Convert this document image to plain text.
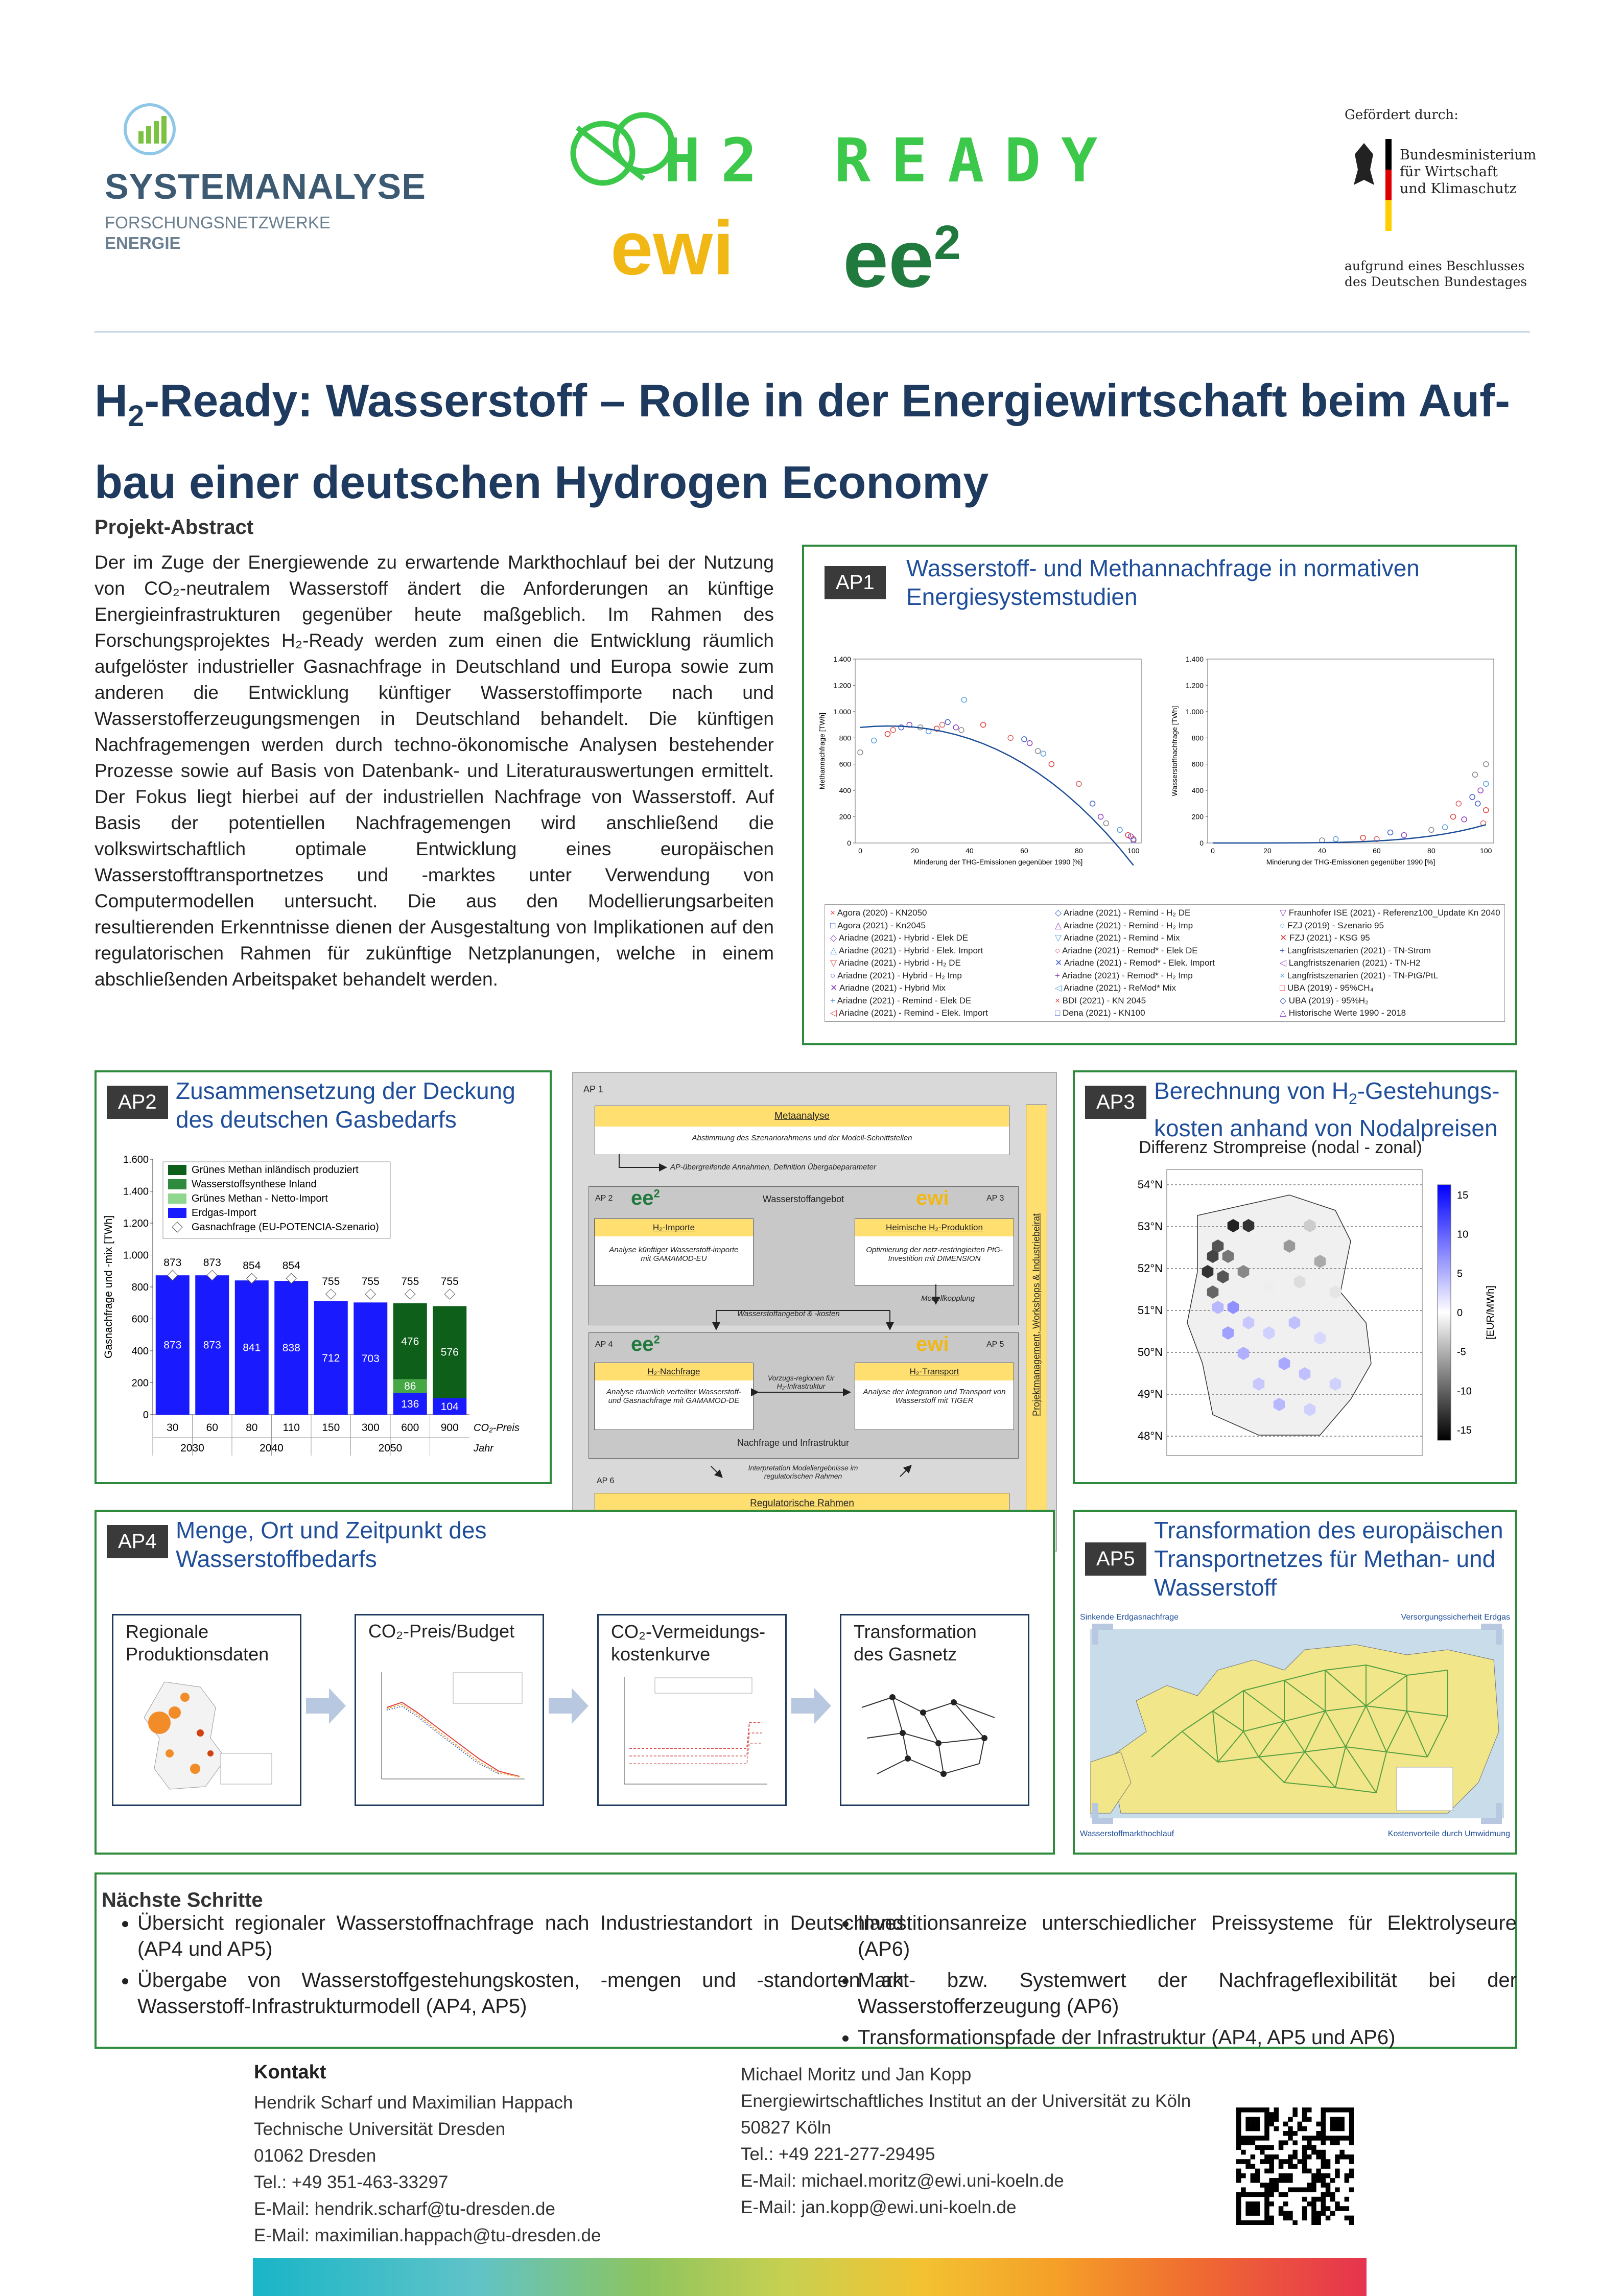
SYSTEMANALYSE
FORSCHUNGSNETZWERKE
ENERGIE
H2 READY
ewi $ee^2$
Gefördert durch:
Bundesministerium
für Wirtschaft
und Klimaschutz
aufgrund eines Beschlusses
des Deutschen Bundestages
$H_2$-Ready: Wasserstoff – Rolle in der Energiewirtschaft beim Auf-
bau einer deutschen Hydrogen Economy
Projekt-Abstract
Der im Zuge der Energiewende zu erwartende Markthochlauf bei der Nutzung von CO₂-neutralem Wasserstoff ändert die Anforderungen an künftige Energieinfrastrukturen gegenüber heute maßgeblich. Im Rahmen des Forschungsprojektes H₂-Ready werden zum einen die Entwicklung räumlich aufgelöster industrieller Gasnachfrage in Deutschland und Europa sowie zum anderen die Entwicklung künftiger Wasserstoffimporte nach und Wasserstofferzeugungsmengen in Deutschland behandelt. Die künftigen Nachfragemengen werden durch techno-ökonomische Analysen bestehender Prozesse sowie auf Basis von Datenbank- und Literaturauswertungen ermittelt. Der Fokus liegt hierbei auf der industriellen Nachfrage von Wasserstoff. Auf Basis der potentiellen Nachfragemengen wird anschließend die volkswirtschaftlich optimale Entwicklung eines europäischen Wasserstofftransportnetzes und -marktes unter Verwendung von Computermodellen untersucht. Die aus den Modellierungsarbeiten resultierenden Erkenntnisse dienen der Ausgestaltung von Implikationen auf den regulatorischen Rahmen für zukünftige Netzplanungen, welche in einem abschließenden Arbeitspaket behandelt werden.
AP1
Wasserstoff- und Methannachfrage in normativen
Energiesystemstudien
1.400
1.200
1.000
800
600
400
200
0
0	20	40	60	80	100
Minderung der THG-Emissionen gegenüber 1990 [%]
Methannachfrage [TWh]
1.400
1.200
1.000
800
600
400
200
0
0	20	40	60	80	100
Minderung der THG-Emissionen gegenüber 1990 [%]
Wasserstoffnachfrage [TWh]
× Agora (2020) - KN2050
□ Agora (2021) - Kn2045
◇ Ariadne (2021) - Hybrid - Elek DE
△ Ariadne (2021) - Hybrid - Elek. Import
▽ Ariadne (2021) - Hybrid - H₂ DE
○ Ariadne (2021) - Hybrid - H₂ Imp
✕ Ariadne (2021) - Hybrid Mix
+ Ariadne (2021) - Remind - Elek DE
◁ Ariadne (2021) - Remind - Elek. Import
◇ Ariadne (2021) - Remind - H₂ DE
△ Ariadne (2021) - Remind - H₂ Imp
▽ Ariadne (2021) - Remind - Mix
○ Ariadne (2021) - Remod* - Elek DE
✕ Ariadne (2021) - Remod* - Elek. Import
+ Ariadne (2021) - Remod* - H₂ Imp
◁ Ariadne (2021) - ReMod* Mix
× BDI (2021) - KN 2045
□ Dena (2021) - KN100
▽ Fraunhofer ISE (2021) - Referenz100_Update Kn 2040
○ FZJ (2019) - Szenario 95
✕ FZJ (2021) - KSG 95
+ Langfristszenarien (2021) - TN-Strom
◁ Langfristszenarien (2021) - TN-H2
× Langfristszenarien (2021) - TN-PtG/PtL
□ UBA (2019) - 95%CH₄
◇ UBA (2019) - 95%H₂
△ Historische Werte 1990 - 2018
AP2 Zusammensetzung der Deckung
des deutschen Gasbedarfs
1.600
1.400
1.200
1.000
800
600
400
200
0
Gasnachfrage und -mix [TWh]	873
873
30
873
873
60
841
854
80
838
854
110
712
755
150
703
755
300
136
86
476
755
600
104
576
755
900 CO₂-Preis
Jahr
2030	2040	2050
Grünes Methan inländisch produziert
Wasserstoffsynthese Inland
Grünes Methan - Netto-Import
Erdgas-Import
Gasnachfrage (EU-POTENCIA-Szenario)
AP 1
Metaanalyse
Abstimmung des Szenariorahmens und der Modell-Schnittstellen
AP-übergreifende Annahmen, Definition Übergabeparameter
Wasserstoffangebot
AP 2 $ee^2$	ewi	AP 3
H₂-Importe
Analyse künftiger Wasserstoff-importe mit GAMAMOD-EU
Heimische H₂-Produktion
Optimierung der netz-restringierten PtG-Investition mit DIMENSION
Modellkopplung
Wasserstoffangebot & -kosten
AP 4 $ee^2$	ewi	AP 5
H₂-Nachfrage
Analyse räumlich verteilter Wasserstoff- und Gasnachfrage mit GAMAMOD-DE
Vorzugs-regionen für H₂-Infrastruktur
H₂-Transport
Analyse der Integration und Transport von Wasserstoff mit TIGER
Nachfrage und Infrastruktur
Interpretation Modellergebnisse im regulatorischen Rahmen
AP 6
Regulatorische Rahmen
Projektmanagement, Workshops & Industriebeirat
AP3 Berechnung von $H_2-Gestehungs-$
kosten anhand von Nodalpreisen
Differenz Strompreise (nodal - zonal)
54°N
53°N
52°N
51°N
50°N
49°N
48°N
15
10
5
0
-5
-10
-15
[EUR/MWh]
AP4 Menge, Ort und Zeitpunkt des
Wasserstoffbedarfs
Regionale Produktionsdaten
CO₂-Preis/Budget	CO₂-Vermeidungs-
kostenkurve
Transformation des Gasnetz
AP5
Transformation des europäischen
Transportnetzes für Methan- und
Wasserstoff
Sinkende Erdgasnachfrage	Versorgungssicherheit Erdgas
Wasserstoffmarkthochlauf	Kostenvorteile durch Umwidmung
Nächste Schritte
• Übersicht regionaler Wasserstoffnachfrage nach Industriestandort in Deutschland (AP4 und AP5)
• Übergabe von Wasserstoffgestehungskosten, -mengen und -standorten an Wasserstoff-Infrastrukturmodell (AP4, AP5)
• Investitionsanreize unterschiedlicher Preissysteme für Elektrolyseure (AP6)
• Markt- bzw. Systemwert der Nachfrageflexibilität bei der Wasserstofferzeugung (AP6)
• Transformationspfade der Infrastruktur (AP4, AP5 und AP6)
Kontakt
Hendrik Scharf und Maximilian Happach
Technische Universität Dresden
01062 Dresden
Tel.: +49 351-463-33297
E-Mail: hendrik.scharf@tu-dresden.de
E-Mail: maximilian.happach@tu-dresden.de
Michael Moritz und Jan Kopp
Energiewirtschaftliches Institut an der Universität zu Köln
50827 Köln
Tel.: +49 221-277-29495
E-Mail: michael.moritz@ewi.uni-koeln.de
E-Mail: jan.kopp@ewi.uni-koeln.de
